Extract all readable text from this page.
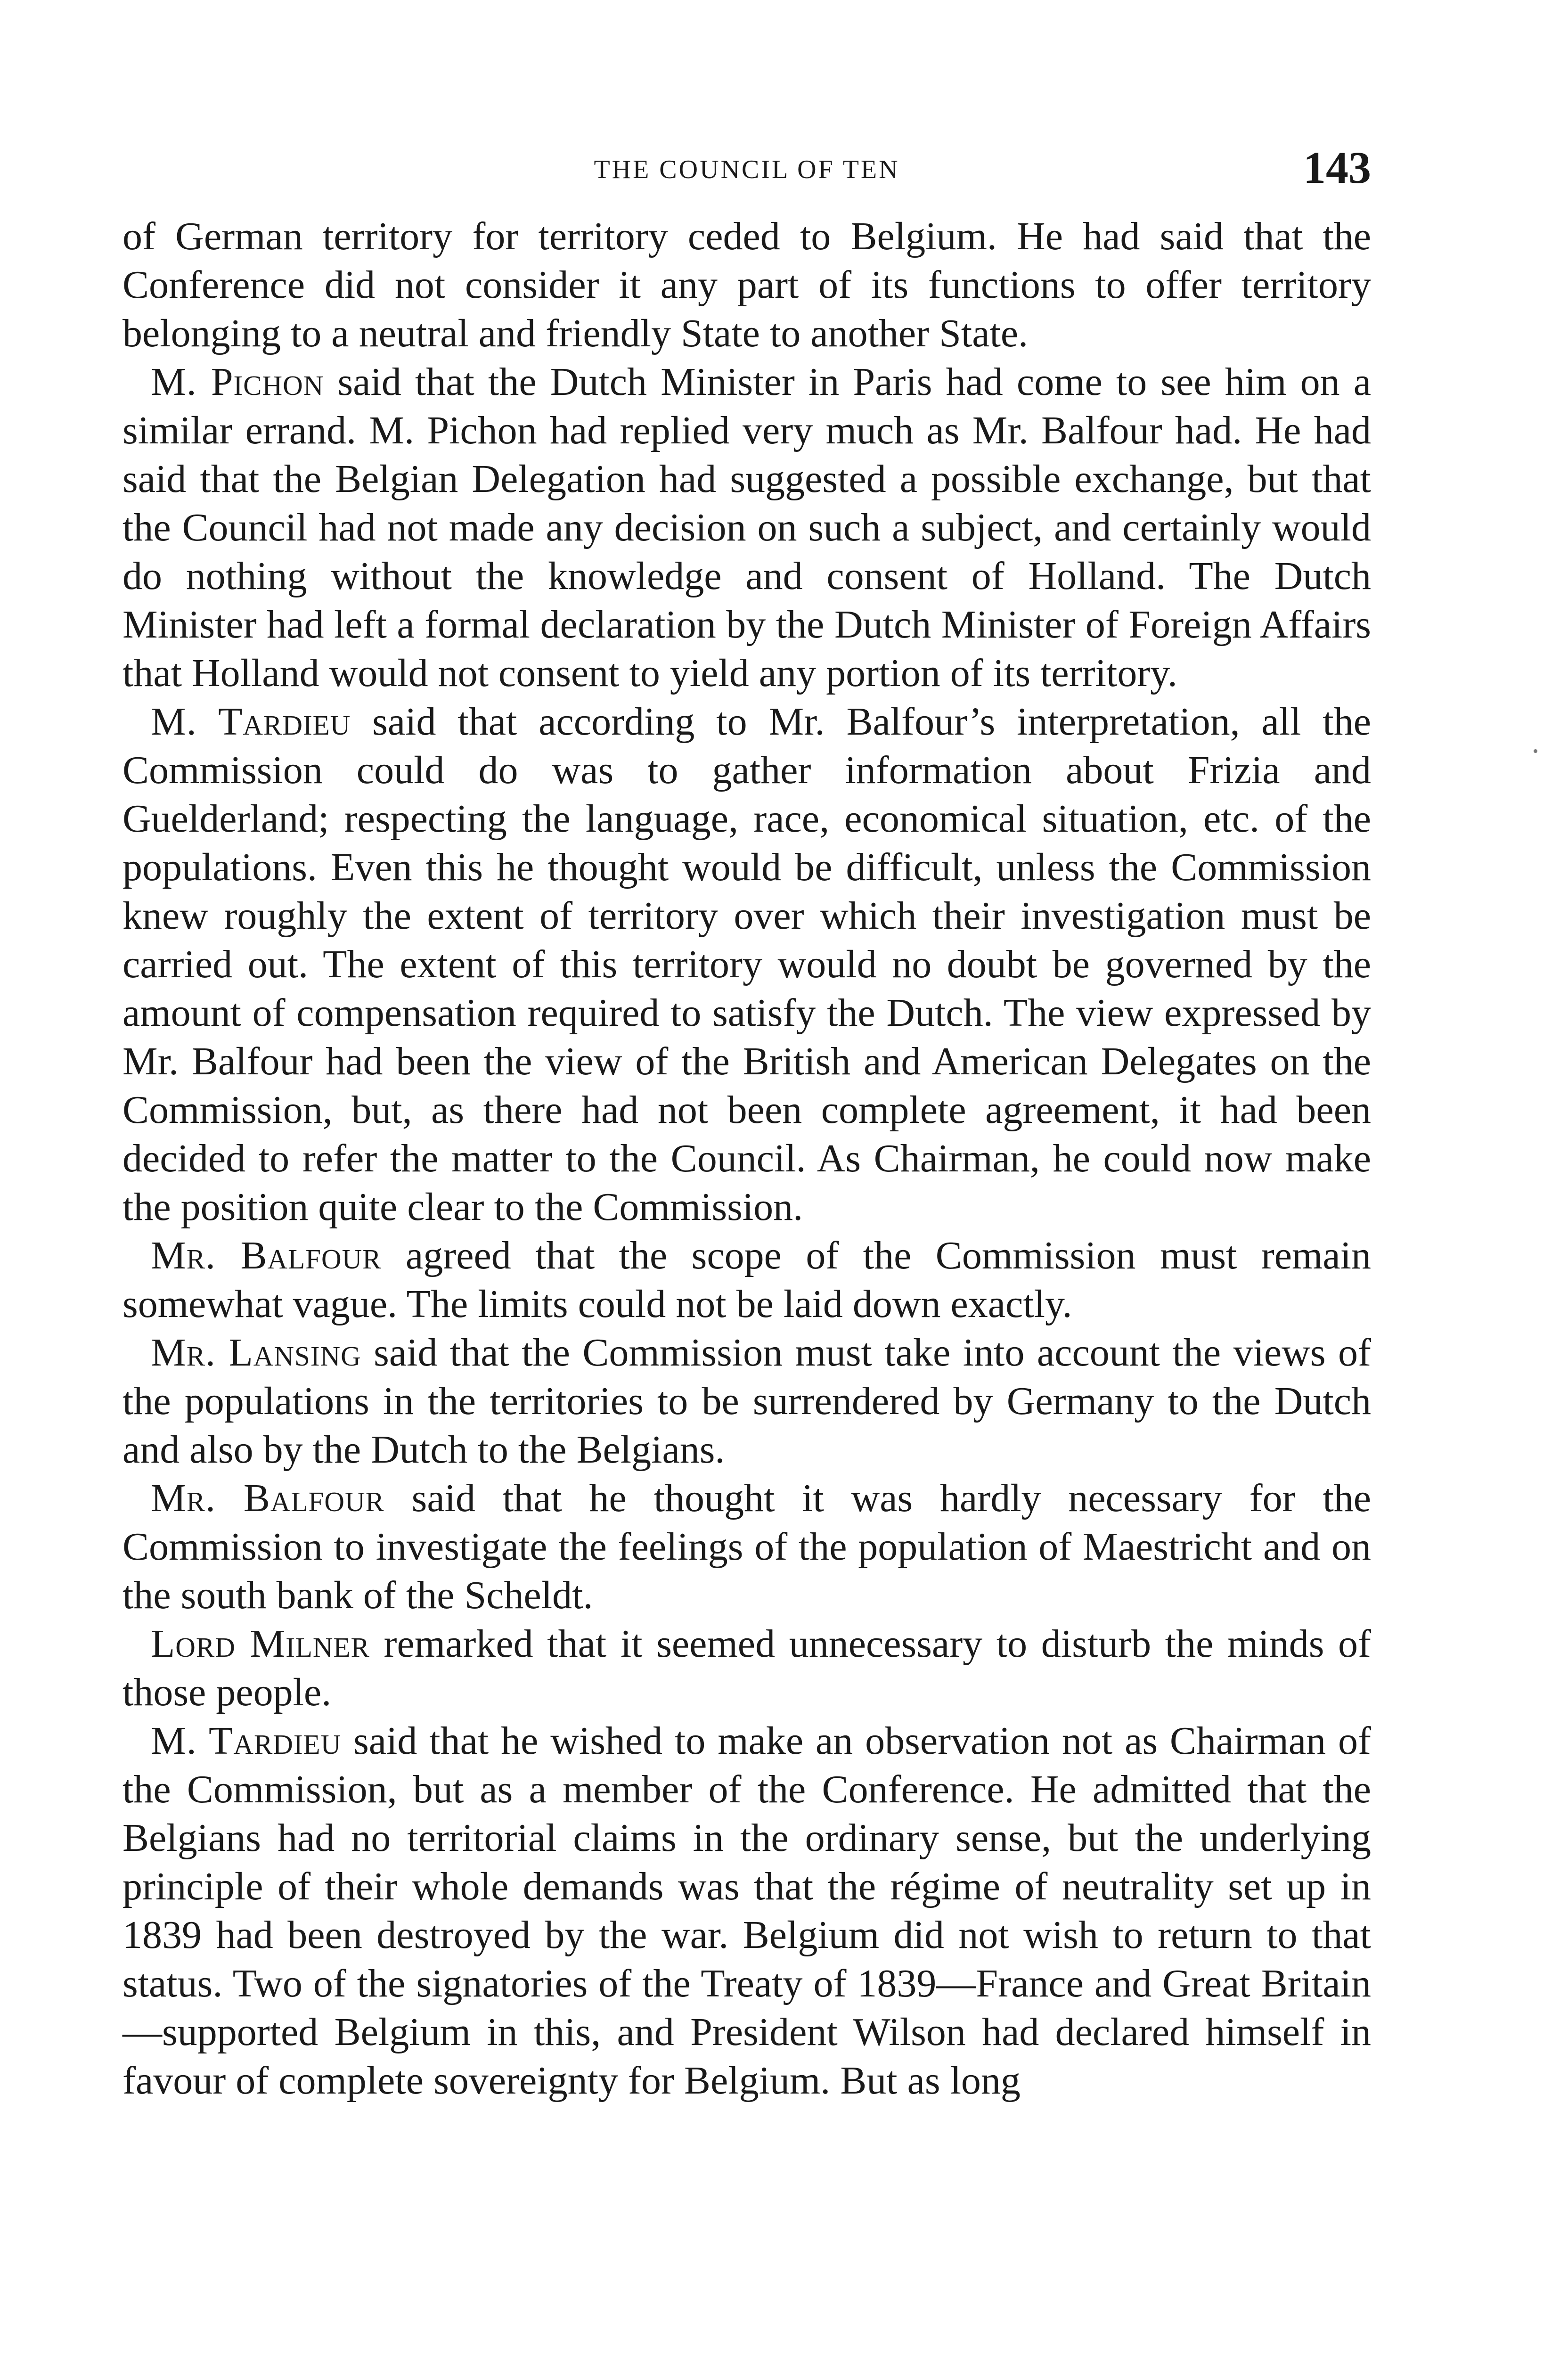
THE COUNCIL OF TEN	143

of German territory for territory ceded to Belgium. He had said that the Conference did not consider it any part of its functions to offer territory belonging to a neutral and friendly State to another State.

M. Pichon said that the Dutch Minister in Paris had come to see him on a similar errand. M. Pichon had replied very much as Mr. Balfour had. He had said that the Belgian Delegation had suggested a possible exchange, but that the Council had not made any decision on such a subject, and certainly would do nothing without the knowledge and consent of Holland. The Dutch Minister had left a formal declaration by the Dutch Minister of Foreign Affairs that Holland would not consent to yield any portion of its territory.

M. Tardieu said that according to Mr. Balfour’s interpretation, all the Commission could do was to gather information about Frizia and Guelderland; respecting the language, race, economical situation, etc. of the populations. Even this he thought would be difficult, unless the Commission knew roughly the extent of territory over which their investigation must be carried out. The extent of this territory would no doubt be governed by the amount of compensation required to satisfy the Dutch. The view expressed by Mr. Balfour had been the view of the British and American Delegates on the Commission, but, as there had not been complete agreement, it had been decided to refer the matter to the Council. As Chairman, he could now make the position quite clear to the Commission.

Mr. Balfour agreed that the scope of the Commission must remain somewhat vague. The limits could not be laid down exactly.

Mr. Lansing said that the Commission must take into account the views of the populations in the territories to be surrendered by Germany to the Dutch and also by the Dutch to the Belgians.

Mr. Balfour said that he thought it was hardly necessary for the Commission to investigate the feelings of the population of Maestricht and on the south bank of the Scheldt.

Lord Milner remarked that it seemed unnecessary to disturb the minds of those people.

M. Tardieu said that he wished to make an observation not as Chairman of the Commission, but as a member of the Conference. He admitted that the Belgians had no territorial claims in the ordinary sense, but the underlying principle of their whole demands was that the régime of neutrality set up in 1839 had been destroyed by the war. Belgium did not wish to return to that status. Two of the signatories of the Treaty of 1839—France and Great Britain—supported Belgium in this, and President Wilson had declared himself in favour of complete sovereignty for Belgium. But as long
